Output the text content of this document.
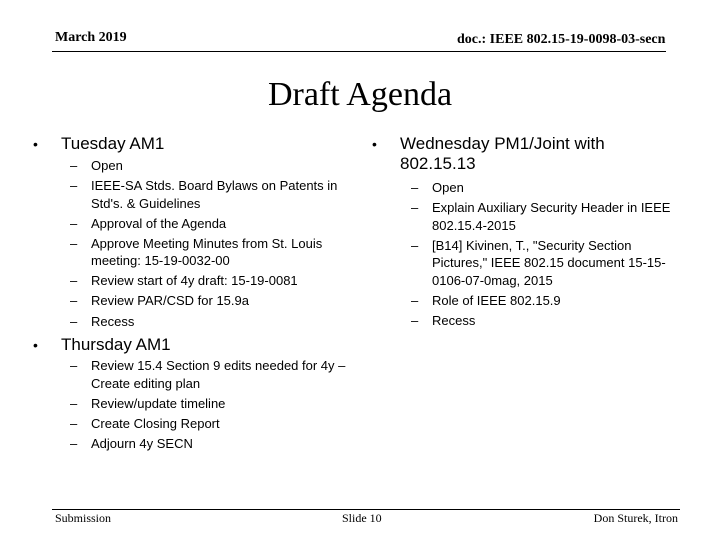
March 2019	doc.: IEEE 802.15-19-0098-03-secn
Draft Agenda
• Tuesday AM1
– Open
– IEEE-SA Stds. Board Bylaws on Patents in Std's. & Guidelines
– Approval of the Agenda
– Approve Meeting Minutes from St. Louis meeting: 15-19-0032-00
– Review start of 4y draft: 15-19-0081
– Review PAR/CSD for 15.9a
– Recess
• Thursday AM1
– Review 15.4 Section 9 edits needed for 4y – Create editing plan
– Review/update timeline
– Create Closing Report
– Adjourn 4y SECN
• Wednesday PM1/Joint with 802.15.13
– Open
– Explain Auxiliary Security Header in IEEE 802.15.4-2015
– [B14] Kivinen, T., "Security Section Pictures," IEEE 802.15 document 15-15-0106-07-0mag, 2015
– Role of IEEE 802.15.9
– Recess
Submission	Slide 10	Don Sturek, Itron
